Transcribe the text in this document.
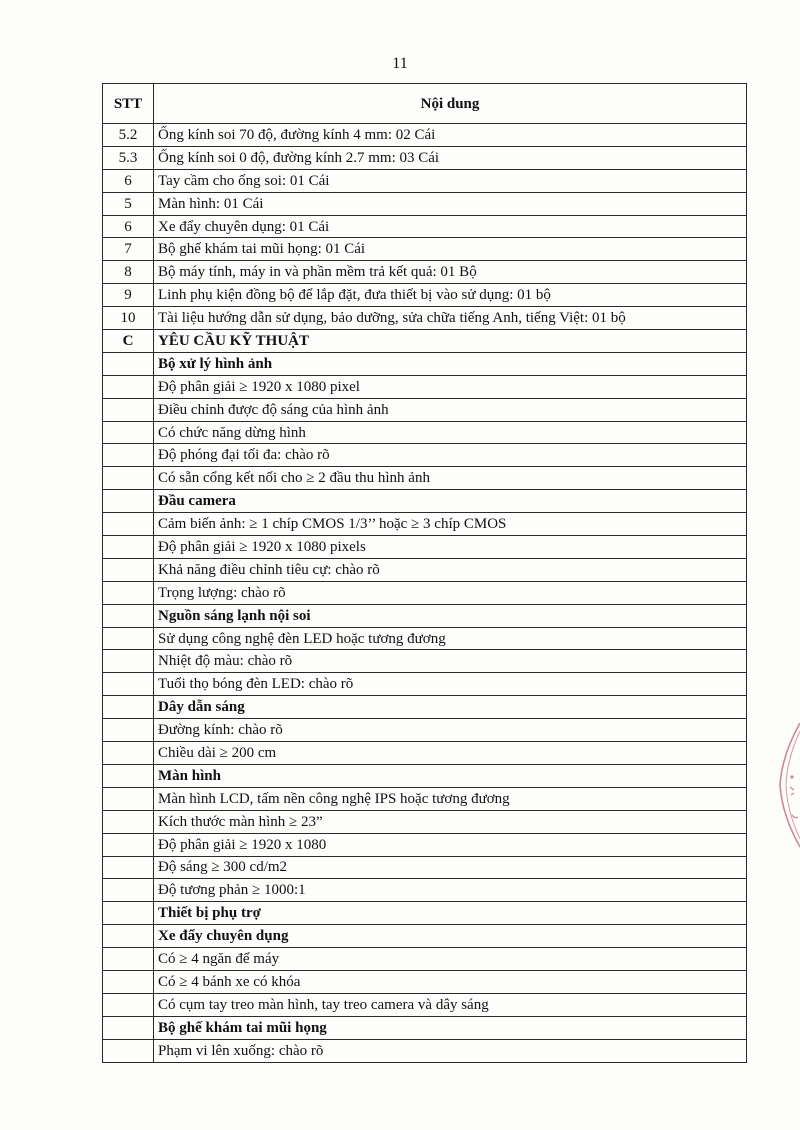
11
STT	Nội dung
5.2	Ống kính soi 70 độ, đường kính 4 mm: 02 Cái
5.3	Ống kính soi 0 độ, đường kính 2.7 mm: 03 Cái
6	Tay cầm cho ống soi: 01 Cái
5	Màn hình: 01 Cái
6	Xe đẩy chuyên dụng: 01 Cái
7	Bộ ghế khám tai mũi họng: 01 Cái
8	Bộ máy tính, máy in và phần mềm trả kết quả: 01 Bộ
9	Linh phụ kiện đồng bộ để lắp đặt, đưa thiết bị vào sử dụng: 01 bộ
10	Tài liệu hướng dẫn sử dụng, bảo dưỡng, sửa chữa tiếng Anh, tiếng Việt: 01 bộ
C	YÊU CẦU KỸ THUẬT
	Bộ xử lý hình ảnh
	Độ phân giải ≥ 1920 x 1080 pixel
	Điều chỉnh được độ sáng của hình ảnh
	Có chức năng dừng hình
	Độ phóng đại tối đa: chào rõ
	Có sẵn cổng kết nối cho ≥ 2 đầu thu hình ảnh
	Đầu camera
	Cảm biến ảnh: ≥ 1 chíp CMOS 1/3’’ hoặc ≥ 3 chíp CMOS
	Độ phân giải ≥ 1920 x 1080 pixels
	Khả năng điều chỉnh tiêu cự: chào rõ
	Trọng lượng: chào rõ
	Nguồn sáng lạnh nội soi
	Sử dụng công nghệ đèn LED hoặc tương đương
	Nhiệt độ màu: chào rõ
	Tuổi thọ bóng đèn LED: chào rõ
	Dây dẫn sáng
	Đường kính: chào rõ
	Chiều dài ≥ 200 cm
	Màn hình
	Màn hình LCD, tấm nền công nghệ IPS hoặc tương đương
	Kích thước màn hình ≥ 23”
	Độ phân giải ≥ 1920 x 1080
	Độ sáng ≥ 300 cd/m2
	Độ tương phản ≥ 1000:1
	Thiết bị phụ trợ
	Xe đẩy chuyên dụng
	Có ≥ 4 ngăn để máy
	Có ≥ 4 bánh xe có khóa
	Có cụm tay treo màn hình, tay treo camera và dây sáng
	Bộ ghế khám tai mũi họng
	Phạm vi lên xuống: chào rõ
